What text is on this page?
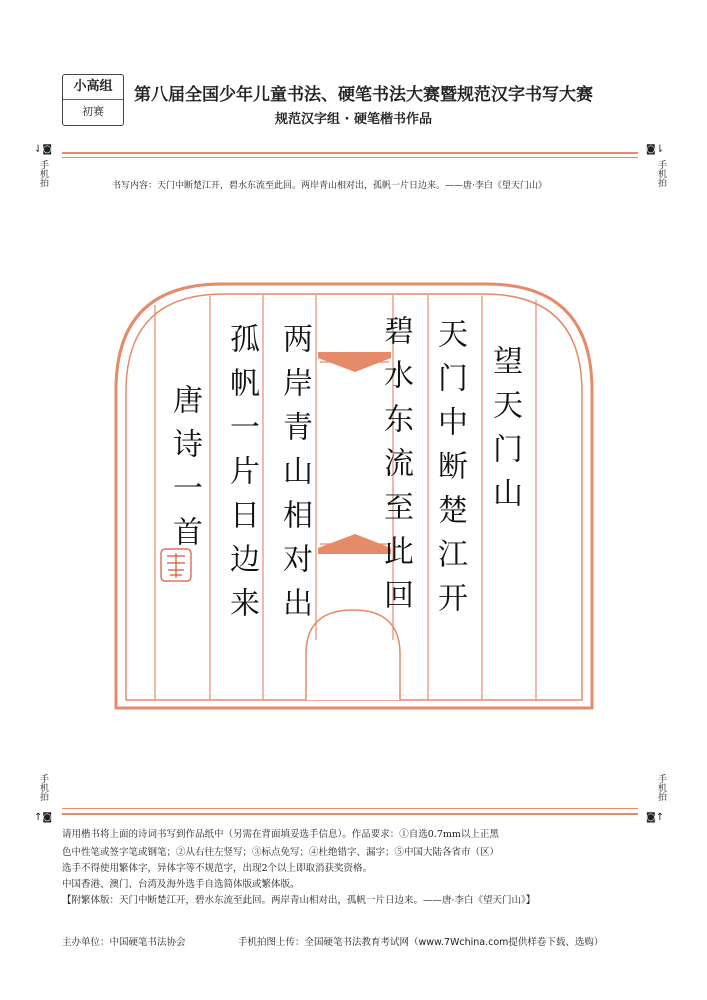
小高组
初赛
第八届全国少年儿童书法、硬笔书法大赛暨规范汉字书写大赛
规范汉字组 · 硬笔楷书作品
⇃◙
手机拍
◙⇂
手机拍
书写内容：天门中断楚江开，碧水东流至此回。两岸青山相对出，孤帆一片日边来。——唐·李白《望天门山》
望天门山
天门中断楚江开
碧水东流至此回
两岸青山相对出
孤帆一片日边来
唐诗一首
手机拍
↑◙
手机拍
◙↑
请用楷书将上面的诗词书写到作品纸中（另需在背面填妥选手信息）。作品要求：①自选0.7mm以上正黑
色中性笔或签字笔或钢笔；②从右往左竖写；③标点免写；④杜绝错字、漏字；⑤中国大陆各省市（区）
选手不得使用繁体字，异体字等不规范字，出现2个以上即取消获奖资格。
中国香港、澳门、台湾及海外选手自选简体版或繁体版。
【附繁体版：天门中断楚江开，碧水东流至此回。两岸青山相对出，孤帆一片日边来。——唐·李白《望天门山》】
主办单位：中国硬笔书法协会	手机拍图上传：全国硬笔书法教育考试网（www.7Wchina.com提供样卷下载、选购）
